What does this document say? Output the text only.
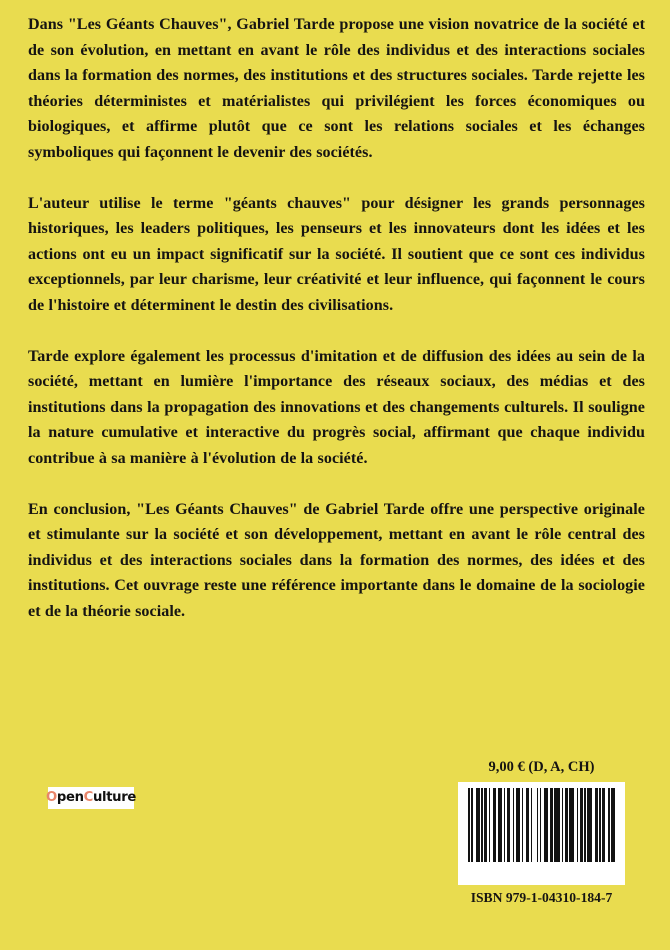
Dans "Les Géants Chauves", Gabriel Tarde propose une vision novatrice de la société et de son évolution, en mettant en avant le rôle des individus et des interactions sociales dans la formation des normes, des institutions et des structures sociales. Tarde rejette les théories déterministes et matérialistes qui privilégient les forces économiques ou biologiques, et affirme plutôt que ce sont les relations sociales et les échanges symboliques qui façonnent le devenir des sociétés.

L'auteur utilise le terme "géants chauves" pour désigner les grands personnages historiques, les leaders politiques, les penseurs et les innovateurs dont les idées et les actions ont eu un impact significatif sur la société. Il soutient que ce sont ces individus exceptionnels, par leur charisme, leur créativité et leur influence, qui façonnent le cours de l'histoire et déterminent le destin des civilisations.

Tarde explore également les processus d'imitation et de diffusion des idées au sein de la société, mettant en lumière l'importance des réseaux sociaux, des médias et des institutions dans la propagation des innovations et des changements culturels. Il souligne la nature cumulative et interactive du progrès social, affirmant que chaque individu contribue à sa manière à l'évolution de la société.

En conclusion, "Les Géants Chauves" de Gabriel Tarde offre une perspective originale et stimulante sur la société et son développement, mettant en avant le rôle central des individus et des interactions sociales dans la formation des normes, des idées et des institutions. Cet ouvrage reste une référence importante dans le domaine de la sociologie et de la théorie sociale.

9,00 € (D, A, CH)
OpenCulture
ISBN 979-1-04310-184-7
